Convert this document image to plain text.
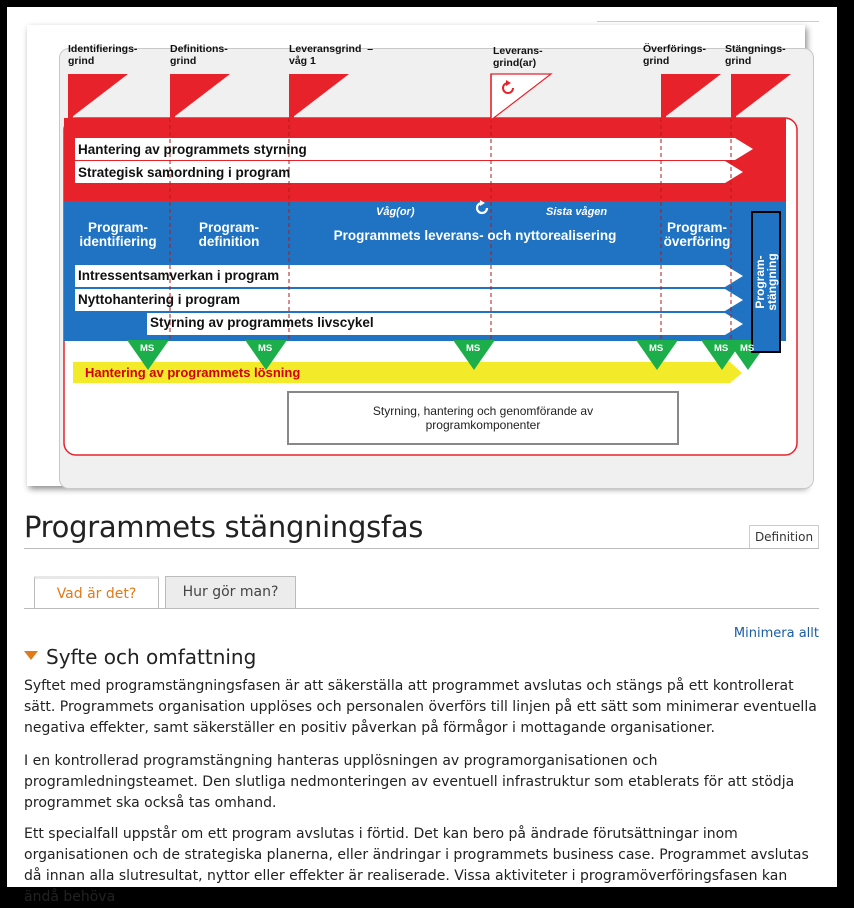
Identifierings-
grind
Definitions-
grind
Leveransgrind  –
våg 1
Leverans-
grind(ar)
Överförings-
grind
Stängnings-
grind
Hantering av programmets styrning
Strategisk samordning i program
Program-
identifiering
Program-
definition
Våg(or)	Sista vågen
Programmets leverans- och nyttorealisering
Program-
överföring
Program-
stängning
Intressentsamverkan i program
Nyttohantering i program
Styrning av programmets livscykel
MS	MS	MS	MS	MS MS
Hantering av programmets lösning
Styrning, hantering och genomförande av
programkomponenter
Programmets stängningsfas	Definition
Vad är det?	Hur gör man?
Minimera allt
Syfte och omfattning

Syftet med programstängningsfasen är att säkerställa att programmet avslutas och stängs på ett kontrollerat sätt. Programmets organisation upplöses och personalen överförs till linjen på ett sätt som minimerar eventuella negativa effekter, samt säkerställer en positiv påverkan på förmågor i mottagande organisationer.

I en kontrollerad programstängning hanteras upplösningen av programorganisationen och programledningsteamet. Den slutliga nedmonteringen av eventuell infrastruktur som etablerats för att stödja programmet ska också tas omhand.

Ett specialfall uppstår om ett program avslutas i förtid. Det kan bero på ändrade förutsättningar inom organisationen och de strategiska planerna, eller ändringar i programmets business case. Programmet avslutas då innan alla slutresultat, nyttor eller effekter är realiserade. Vissa aktiviteter i programöverföringsfasen kan ändå behöva
